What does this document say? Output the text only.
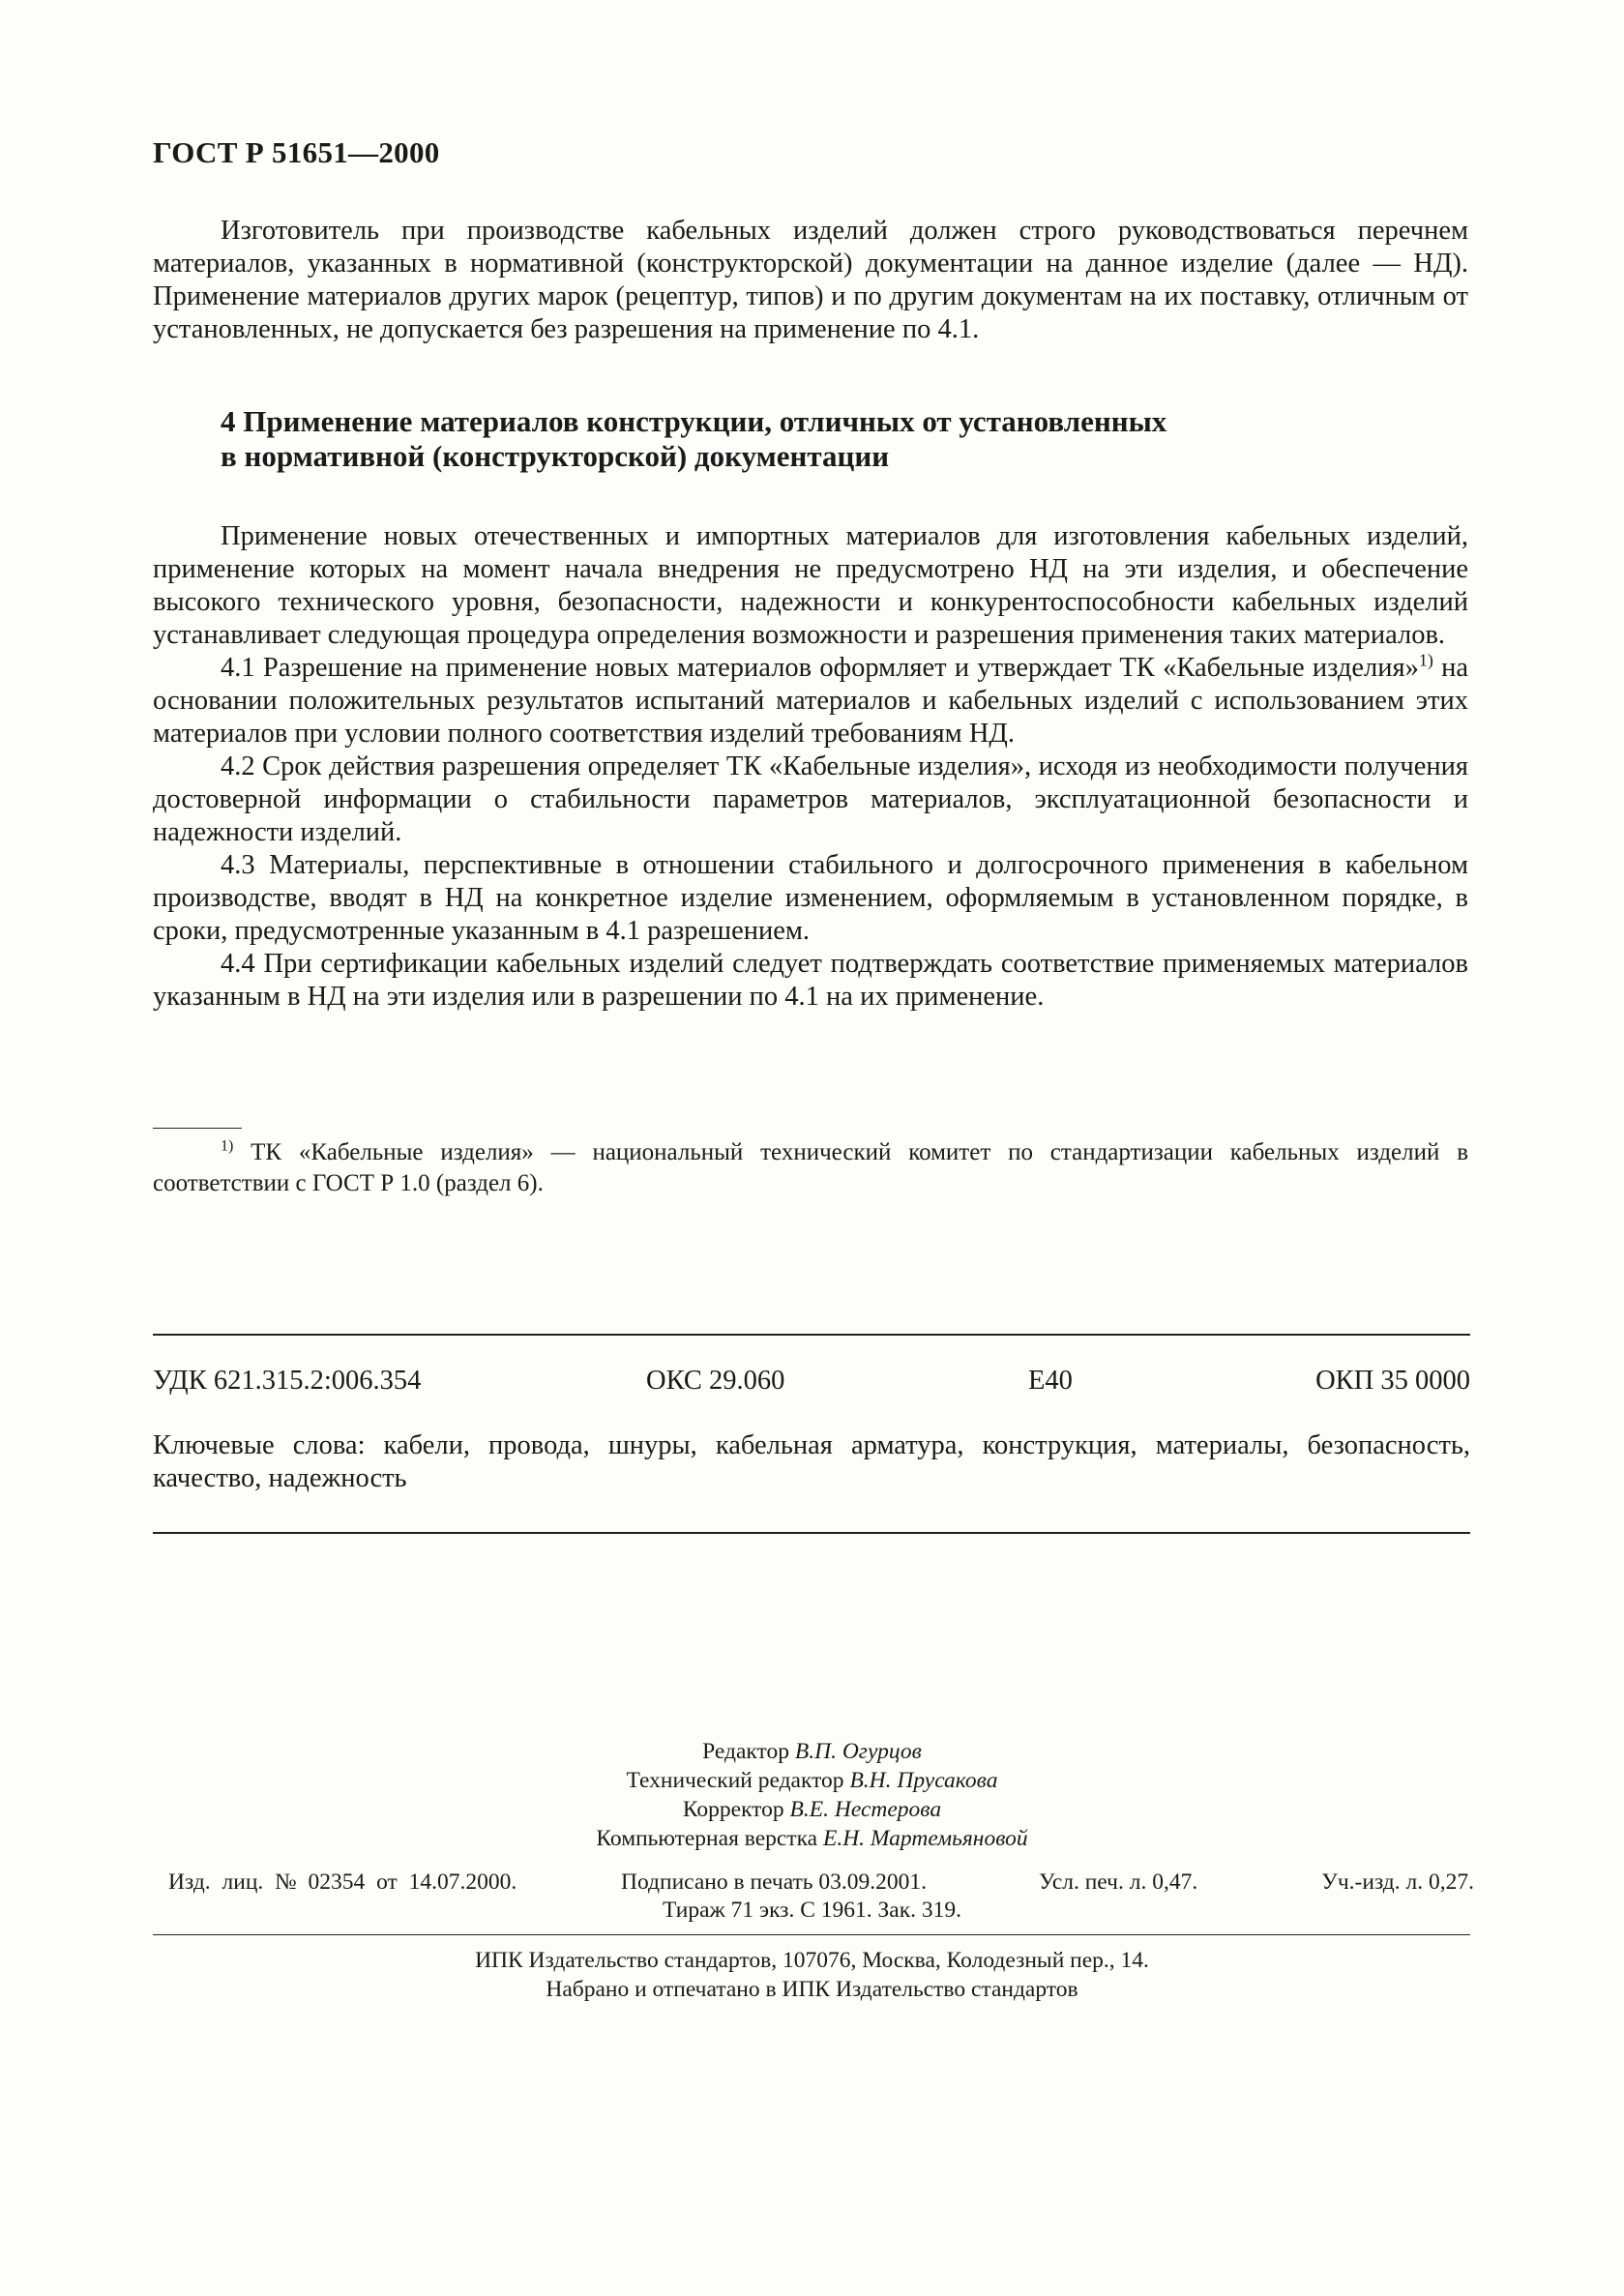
ГОСТ Р 51651—2000

Изготовитель при производстве кабельных изделий должен строго руководствоваться перечнем материалов, указанных в нормативной (конструкторской) документации на данное изделие (далее — НД). Применение материалов других марок (рецептур, типов) и по другим документам на их поставку, отличным от установленных, не допускается без разрешения на применение по 4.1.

4 Применение материалов конструкции, отличных от установленных
в нормативной (конструкторской) документации

Применение новых отечественных и импортных материалов для изготовления кабельных изделий, применение которых на момент начала внедрения не предусмотрено НД на эти изделия, и обеспечение высокого технического уровня, безопасности, надежности и конкурентоспособности кабельных изделий устанавливает следующая процедура определения возможности и разрешения применения таких материалов.

4.1 Разрешение на применение новых материалов оформляет и утверждает ТК «Кабельные изделия»$^{1)}$ на основании положительных результатов испытаний материалов и кабельных изделий с использованием этих материалов при условии полного соответствия изделий требованиям НД.

4.2 Срок действия разрешения определяет ТК «Кабельные изделия», исходя из необходимости получения достоверной информации о стабильности параметров материалов, эксплуатационной безопасности и надежности изделий.

4.3 Материалы, перспективные в отношении стабильного и долгосрочного применения в кабельном производстве, вводят в НД на конкретное изделие изменением, оформляемым в установленном порядке, в сроки, предусмотренные указанным в 4.1 разрешением.

4.4 При сертификации кабельных изделий следует подтверждать соответствие применяемых материалов указанным в НД на эти изделия или в разрешении по 4.1 на их применение.

$^{1)}$ ТК «Кабельные изделия» — национальный технический комитет по стандартизации кабельных изделий в соответствии с ГОСТ Р 1.0 (раздел 6).

УДК 621.315.2:006.354	ОКС 29.060	Е40	ОКП 35 0000

Ключевые слова: кабели, провода, шнуры, кабельная арматура, конструкция, материалы, безопасность, качество, надежность

Редактор В.П. Огурцов
Технический редактор В.Н. Прусакова
Корректор В.Е. Нестерова
Компьютерная верстка Е.Н. Мартемьяновой
Изд. лиц. № 02354 от 14.07.2000.	Подписано в печать 03.09.2001.	Усл. печ. л. 0,47.	Уч.-изд. л. 0,27.

Тираж 71 экз. С 1961. Зак. 319.

ИПК Издательство стандартов, 107076, Москва, Колодезный пер., 14.
Набрано и отпечатано в ИПК Издательство стандартов
